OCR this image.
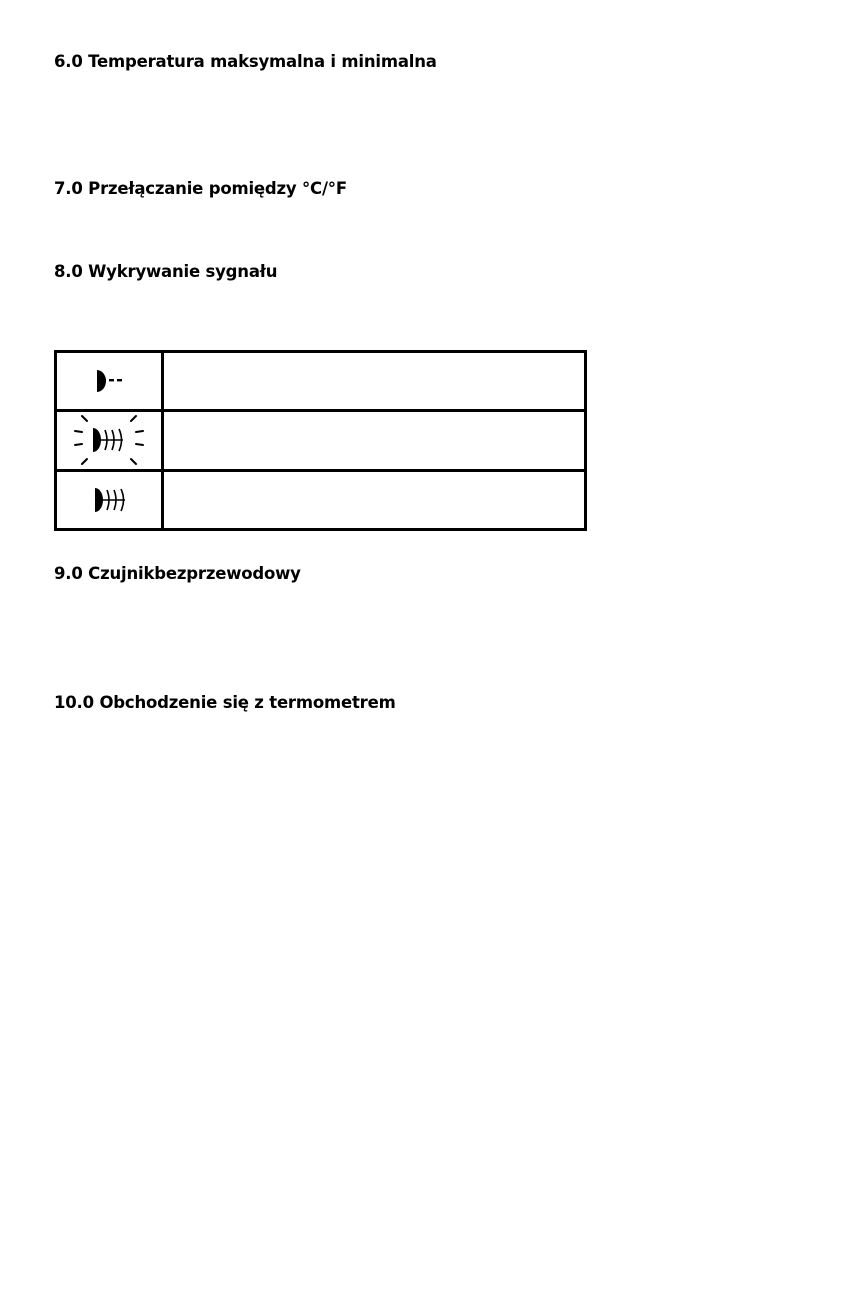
6.0 Temperatura maksymalna i minimalna
7.0 Przełączanie pomiędzy °C/°F
8.0 Wykrywanie sygnału

9.0 Czujnikbezprzewodowy
10.0 Obchodzenie się z termometrem
